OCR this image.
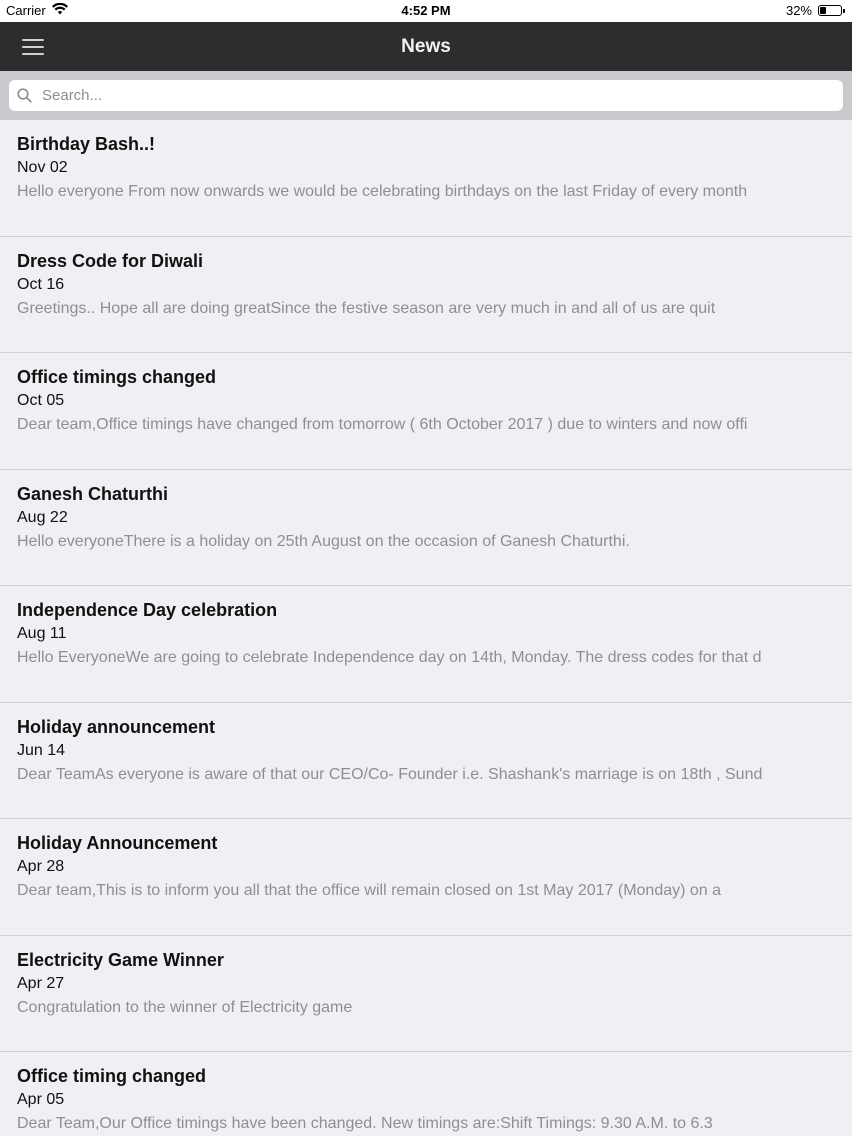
Carrier	4:52 PM	32%
News
Search...
Birthday Bash..!
Nov 02
Hello everyone From now onwards we would be celebrating birthdays on the last Friday of every month
Dress Code for Diwali
Oct 16
Greetings.. Hope all are doing greatSince the festive season are very much in and all of us are quit
Office timings changed
Oct 05
Dear team,Office timings have changed from tomorrow ( 6th October 2017 ) due to winters and now offi
Ganesh Chaturthi
Aug 22
Hello everyoneThere is a holiday on 25th August on the occasion of Ganesh Chaturthi.
Independence Day celebration
Aug 11
Hello EveryoneWe are going to celebrate Independence day on 14th, Monday. The dress codes for that d
Holiday announcement
Jun 14
Dear TeamAs everyone is aware of that our CEO/Co- Founder i.e. Shashank's marriage is on 18th , Sund
Holiday Announcement
Apr 28
Dear team,This is to inform you all that the office will remain closed on 1st May 2017 (Monday) on a
Electricity Game Winner
Apr 27
Congratulation to the winner of Electricity game
Office timing changed
Apr 05
Dear Team,Our Office timings have been changed. New timings are:Shift Timings: 9.30 A.M. to 6.3
